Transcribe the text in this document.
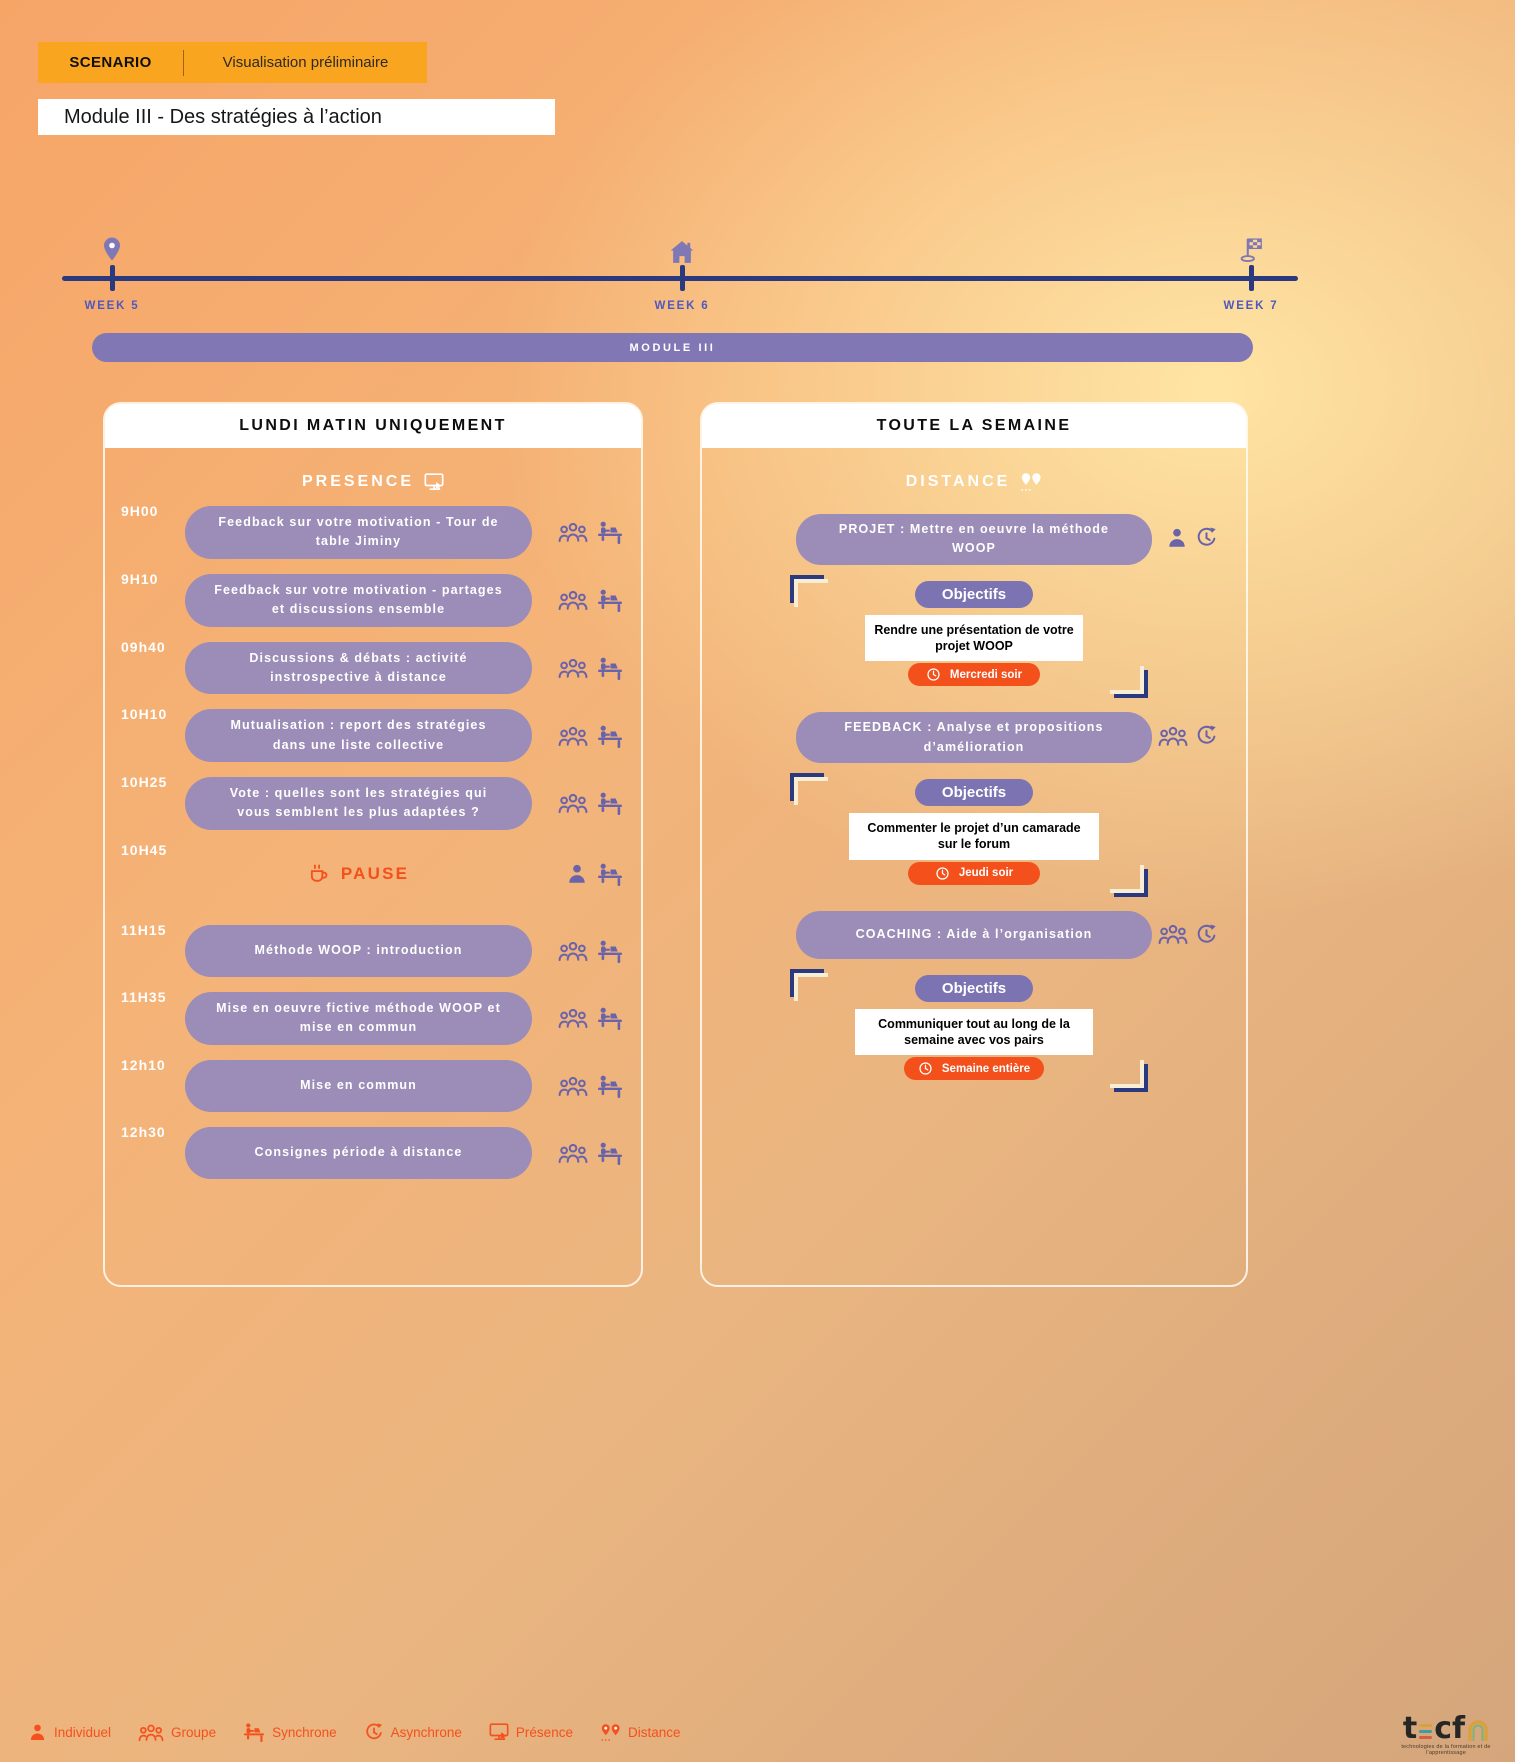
SCENARIO	Visualisation préliminaire
Module III - Des stratégies à l’action
WEEK 5	WEEK 6	WEEK 7
MODULE III
LUNDI MATIN UNIQUEMENT
PRESENCE
9H00
Feedback sur votre motivation - Tour de table Jiminy
9H10
Feedback sur votre motivation - partages et discussions ensemble
09h40
Discussions & débats : activité instrospective à distance
10H10
Mutualisation : report des stratégies dans une liste collective
10H25
Vote : quelles sont les stratégies qui vous semblent les plus adaptées ?
10H45
PAUSE
11H15
Méthode WOOP : introduction
11H35
Mise en oeuvre fictive méthode WOOP et mise en commun
12h10
Mise en commun
12h30
Consignes période à distance
TOUTE LA SEMAINE
DISTANCE
PROJET : Mettre en oeuvre la méthode WOOP
Objectifs
Rendre une présentation de votre projet WOOP
Mercredi soir
FEEDBACK : Analyse et propositions d’amélioration
Objectifs
Commenter le projet d’un camarade sur le forum
Jeudi soir
COACHING : Aide à l’organisation
Objectifs
Communiquer tout au long de la semaine avec vos pairs
Semaine entière
Individuel	Groupe	Synchrone	Asynchrone	Présence	Distance	t cf
technologies de la formation et de l’apprentissage
